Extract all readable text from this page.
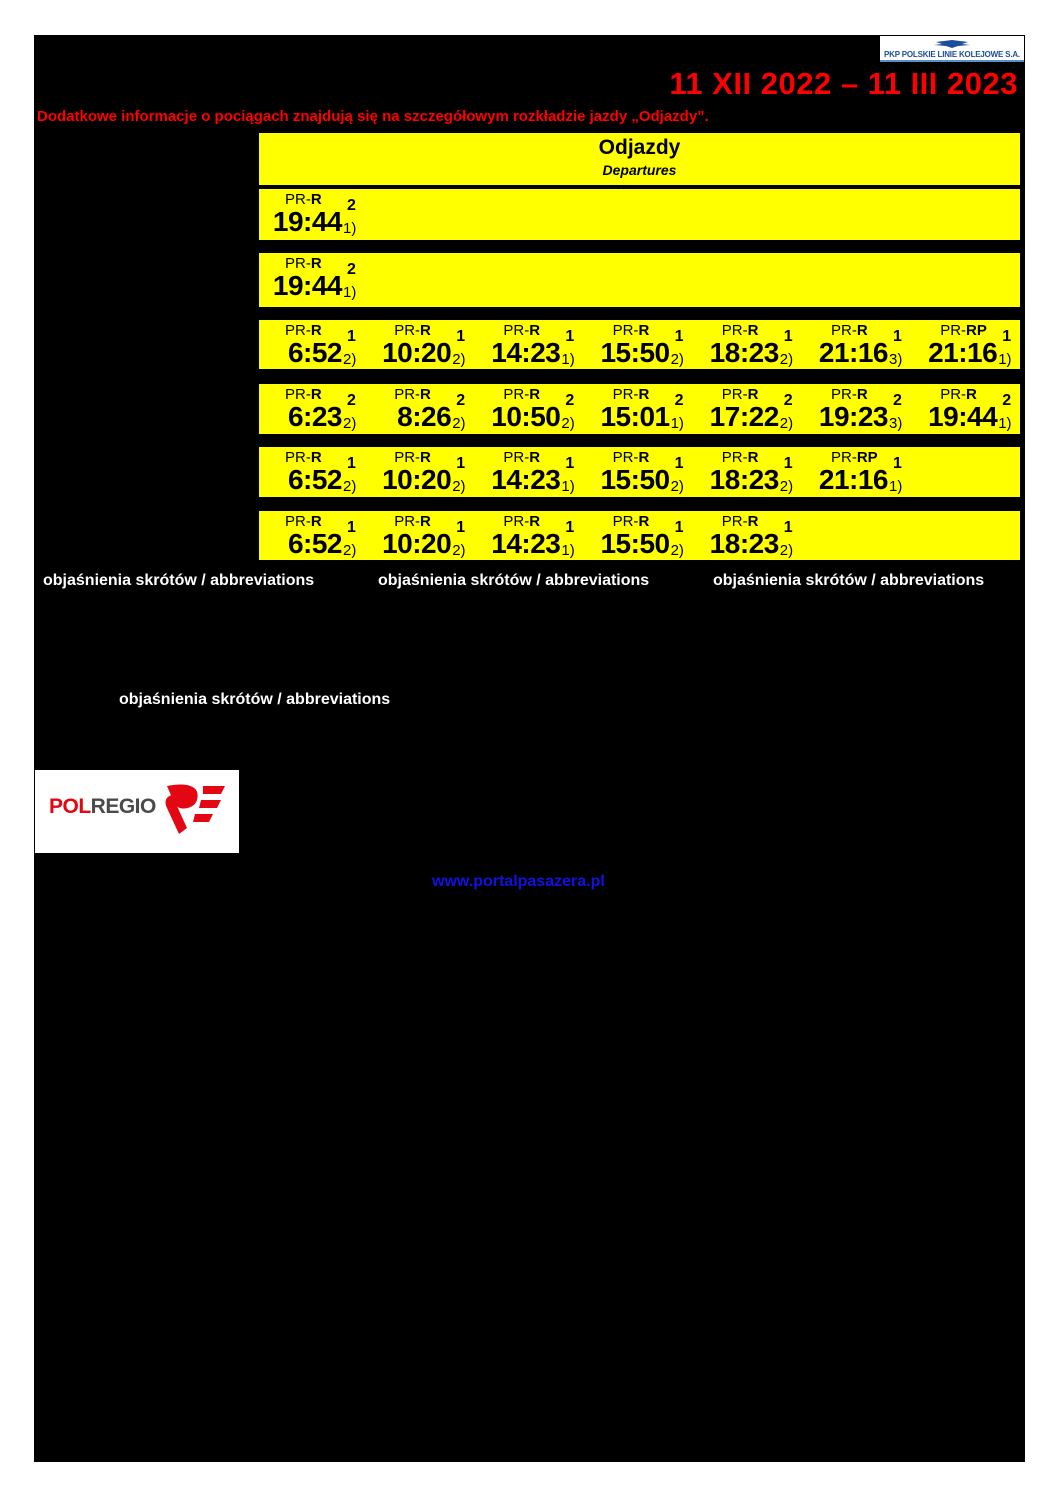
PKP POLSKIE LINIE KOLEJOWE S.A.
11 XII 2022 – 11 III 2023
Dodatkowe informacje o pociągach znajdują się na szczegółowym rozkładzie jazdy „Odjazdy”.
Odjazdy
Departures
PR-R 2
19:44 1)
PR-R 2
19:44 1)
PR-R 1
6:52 2)
PR-R 1
10:20 2)
PR-R 1
14:23 1)
PR-R 1
15:50 2)
PR-R 1
18:23 2)
PR-R 1
21:16 3)
PR-RP 1
21:16 1)
PR-R 2
6:23 2)
PR-R 2
8:26 2)
PR-R 2
10:50 2)
PR-R 2
15:01 1)
PR-R 2
17:22 2)
PR-R 2
19:23 3)
PR-R 2
19:44 1)
PR-R 1
6:52 2)
PR-R 1
10:20 2)
PR-R 1
14:23 1)
PR-R 1
15:50 2)
PR-R 1
18:23 2)
PR-RP 1
21:16 1)
PR-R 1
6:52 2)
PR-R 1
10:20 2)
PR-R 1
14:23 1)
PR-R 1
15:50 2)
PR-R 1
18:23 2)
objaśnienia skrótów / abbreviations	objaśnienia skrótów / abbreviations	objaśnienia skrótów / abbreviations
objaśnienia skrótów / abbreviations
POLREGIO
www.portalpasazera.pl
